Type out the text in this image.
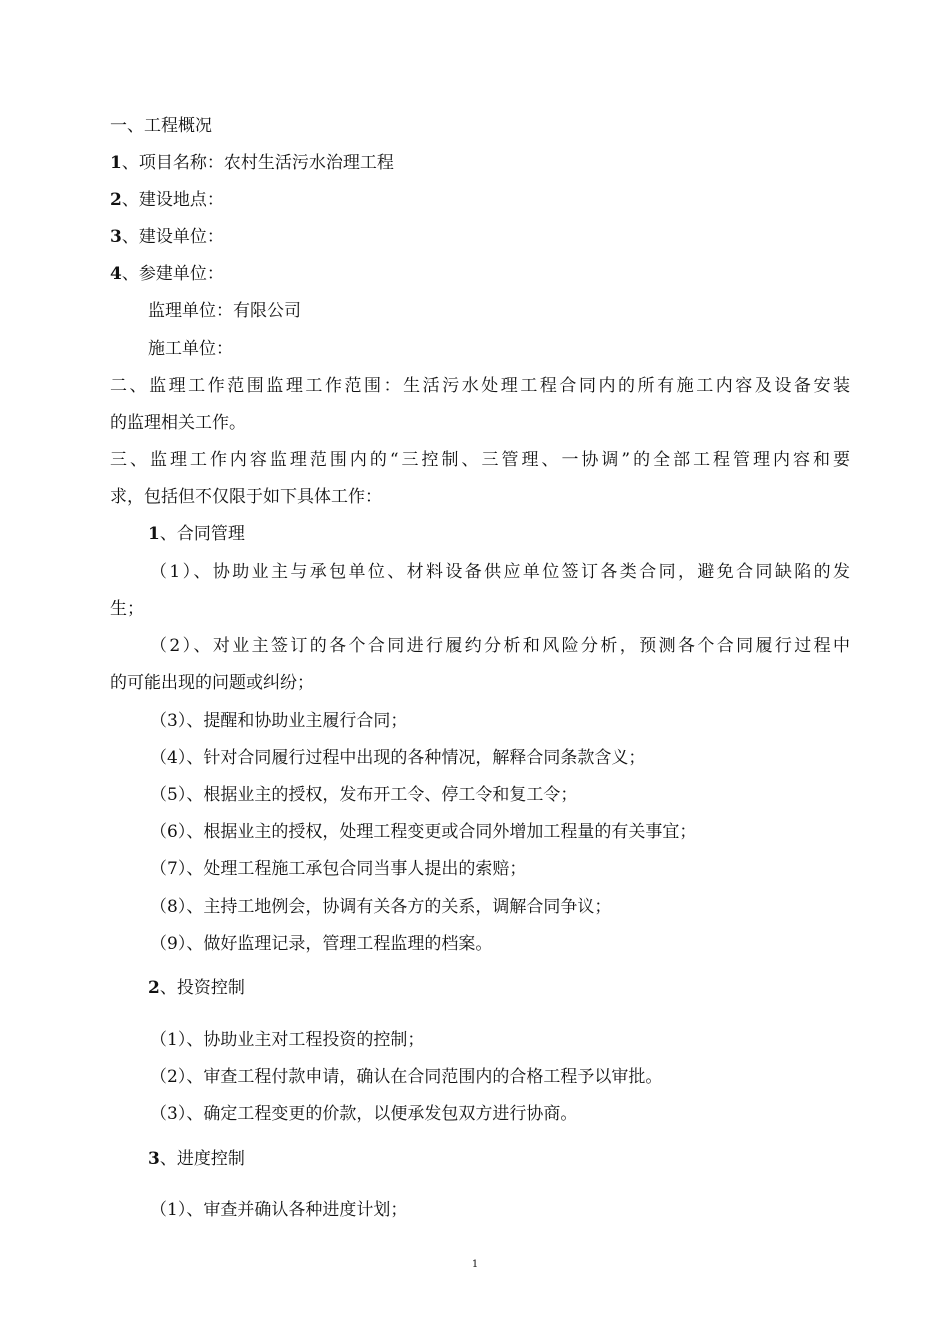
一、工程概况
1、项目名称：农村生活污水治理工程
2、建设地点：
3、建设单位：
4、参建单位：
监理单位：有限公司
施工单位：
二、监理工作范围监理工作范围：生活污水处理工程合同内的所有施工内容及设备安装
的监理相关工作。
三、监理工作内容监理范围内的“三控制、三管理、一协调”的全部工程管理内容和要
求，包括但不仅限于如下具体工作：
1、合同管理
（1）、协助业主与承包单位、材料设备供应单位签订各类合同，避免合同缺陷的发
生；
（2）、对业主签订的各个合同进行履约分析和风险分析，预测各个合同履行过程中
的可能出现的问题或纠纷；
（3）、提醒和协助业主履行合同；
（4）、针对合同履行过程中出现的各种情况，解释合同条款含义；
（5）、根据业主的授权，发布开工令、停工令和复工令；
（6）、根据业主的授权，处理工程变更或合同外增加工程量的有关事宜；
（7）、处理工程施工承包合同当事人提出的索赔；
（8）、主持工地例会，协调有关各方的关系，调解合同争议；
（9）、做好监理记录，管理工程监理的档案。
2、投资控制
（1）、协助业主对工程投资的控制；
（2）、审查工程付款申请，确认在合同范围内的合格工程予以审批。
（3）、确定工程变更的价款，以便承发包双方进行协商。
3、进度控制
（1）、审查并确认各种进度计划；
1
